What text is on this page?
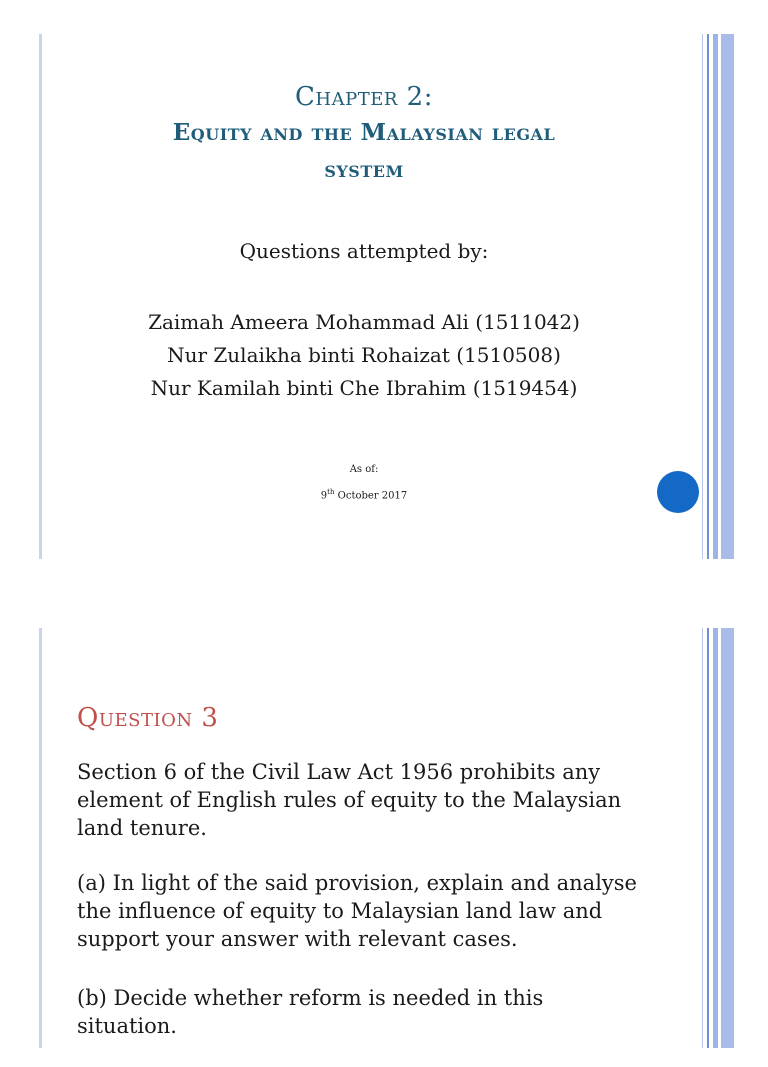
Chapter 2:
Equity and the Malaysian legal
system
Questions attempted by:
Zaimah Ameera Mohammad Ali (1511042)
Nur Zulaikha binti Rohaizat (1510508)
Nur Kamilah binti Che Ibrahim (1519454)
As of:
9th October 2017
Question 3

Section 6 of the Civil Law Act 1956 prohibits any element of English rules of equity to the Malaysian land tenure.

(a) In light of the said provision, explain and analyse the influence of equity to Malaysian land law and support your answer with relevant cases.

(b) Decide whether reform is needed in this situation.
